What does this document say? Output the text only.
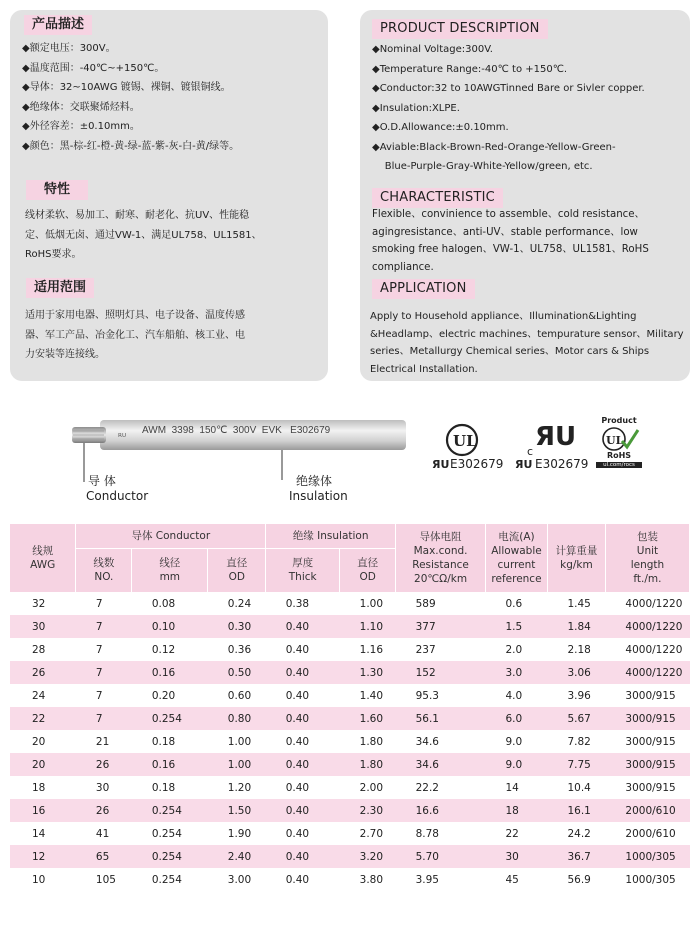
产品描述
◆额定电压：300V。
◆温度范围：-40℃~+150℃。
◆导体：32~10AWG 镀锡、裸铜、镀银铜线。
◆绝缘体：交联聚烯烃料。
◆外径容差：±0.10mm。
◆颜色：黑-棕-红-橙-黄-绿-蓝-紫-灰-白-黄/绿等。
特性
线材柔软、易加工、耐寒、耐老化、抗UV、性能稳
定、低烟无卤、通过VW-1、满足UL758、UL1581、
RoHS要求。
适用范围
适用于家用电器、照明灯具、电子设备、温度传感
器、军工产品、冶金化工、汽车船舶、核工业、电
力安装等连接线。
PRODUCT DESCRIPTION
◆Nominal Voltage:300V.
◆Temperature Range:-40℃ to +150℃.
◆Conductor:32 to 10AWGTinned Bare or Sivler copper.
◆Insulation:XLPE.
◆O.D.Allowance:±0.10mm.
◆Aviable:Black-Brown-Red-Orange-Yellow-Green-
Blue-Purple-Gray-White-Yellow/green, etc.
CHARACTERISTIC
Flexible、convinience to assemble、cold resistance、
agingresistance、anti-UV、stable performance、low
smoking free halogen、VW-1、UL758、UL1581、RoHS
compliance.
APPLICATION
Apply to Household appliance、Illumination&Lighting
&Headlamp、electric machines、tempurature sensor、Military
series、Metallurgy Chemical series、Motor cars & Ships
Electrical Installation.
ᴿᵁ
AWM  3398  150℃  300V  EVK   E302679
导 体
Conductor
绝缘体
Insulation
UL
ЯU E302679
c ЯU
ЯU E302679
Product
UL
RoHS
ul.com/rocs
线规
AWG	导体 Conductor			绝缘 Insulation		导体电阻
Max.cond.
Resistance
20℃Ω/km	电流(A)
Allowable
current
reference	计算重量
kg/km	包装
Unit
length
ft./m.

	线数
NO.	线径
mm	直径
OD	厚度
Thick	直径
OD				

32	7	0.08	0.24	0.38	1.00	589	0.6	1.45	4000/1220
30	7	0.10	0.30	0.40	1.10	377	1.5	1.84	4000/1220
28	7	0.12	0.36	0.40	1.16	237	2.0	2.18	4000/1220
26	7	0.16	0.50	0.40	1.30	152	3.0	3.06	4000/1220
24	7	0.20	0.60	0.40	1.40	95.3	4.0	3.96	3000/915
22	7	0.254	0.80	0.40	1.60	56.1	6.0	5.67	3000/915
20	21	0.18	1.00	0.40	1.80	34.6	9.0	7.82	3000/915
20	26	0.16	1.00	0.40	1.80	34.6	9.0	7.75	3000/915
18	30	0.18	1.20	0.40	2.00	22.2	14	10.4	3000/915
16	26	0.254	1.50	0.40	2.30	16.6	18	16.1	2000/610
14	41	0.254	1.90	0.40	2.70	8.78	22	24.2	2000/610
12	65	0.254	2.40	0.40	3.20	5.70	30	36.7	1000/305
10	105	0.254	3.00	0.40	3.80	3.95	45	56.9	1000/305
